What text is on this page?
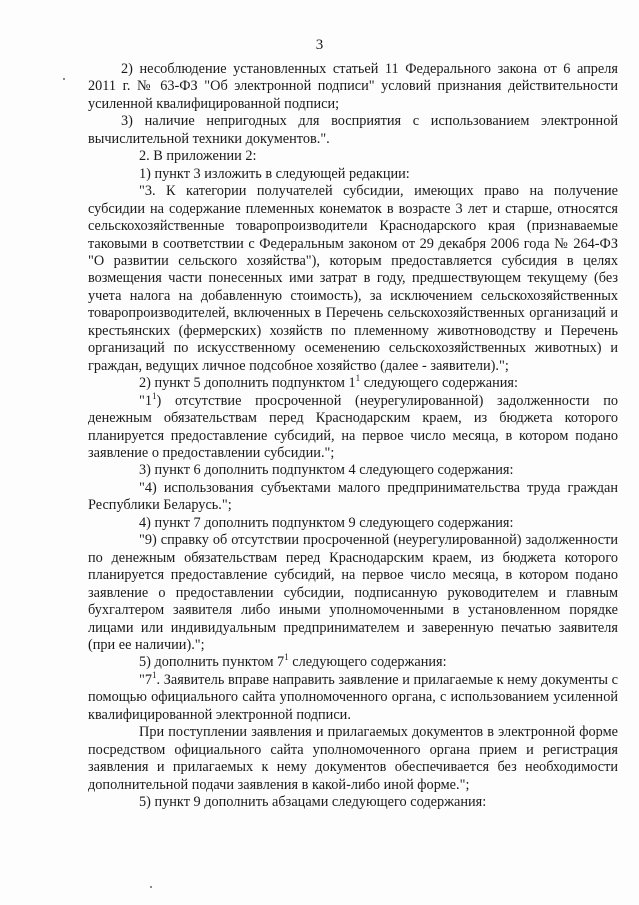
3

2) несоблюдение установленных статьей 11 Федерального закона от 6 апреля 2011 г. № 63-ФЗ "Об электронной подписи" условий признания действительности усиленной квалифицированной подписи;

3) наличие непригодных для восприятия с использованием электронной вычислительной техники документов.".

2. В приложении 2:

1) пункт 3 изложить в следующей редакции:

"3. К категории получателей субсидии, имеющих право на получение субсидии на содержание племенных конематок в возрасте 3 лет и старше, относятся сельскохозяйственные товаропроизводители Краснодарского края (признаваемые таковыми в соответствии с Федеральным законом от 29 декабря 2006 года № 264-ФЗ "О развитии сельского хозяйства"), которым предоставляется субсидия в целях возмещения части понесенных ими затрат в году, предшествующем текущему (без учета налога на добавленную стоимость), за исключением сельскохозяйственных товаропроизводителей, включенных в Перечень сельскохозяйственных организаций и крестьянских (фермерских) хозяйств по племенному животноводству и Перечень организаций по искусственному осеменению сельскохозяйственных животных) и граждан, ведущих личное подсобное хозяйство (далее - заявители).";

2) пункт 5 дополнить подпунктом $1^1$ следующего содержания:

"$1^1$) отсутствие просроченной (неурегулированной) задолженности по денежным обязательствам перед Краснодарским краем, из бюджета которого планируется предоставление субсидий, на первое число месяца, в котором подано заявление о предоставлении субсидии.";

3) пункт 6 дополнить подпунктом 4 следующего содержания:

"4) использования субъектами малого предпринимательства труда граждан Республики Беларусь.";

4) пункт 7 дополнить подпунктом 9 следующего содержания:

"9) справку об отсутствии просроченной (неурегулированной) задолженности по денежным обязательствам перед Краснодарским краем, из бюджета которого планируется предоставление субсидий, на первое число месяца, в котором подано заявление о предоставлении субсидии, подписанную руководителем и главным бухгалтером заявителя либо иными уполномоченными в установленном порядке лицами или индивидуальным предпринимателем и заверенную печатью заявителя (при ее наличии).";

5) дополнить пунктом $7^1$ следующего содержания:

"$7^1$. Заявитель вправе направить заявление и прилагаемые к нему документы с помощью официального сайта уполномоченного органа, с использованием усиленной квалифицированной электронной подписи.

При поступлении заявления и прилагаемых документов в электронной форме посредством официального сайта уполномоченного органа прием и регистрация заявления и прилагаемых к нему документов обеспечивается без необходимости дополнительной подачи заявления в какой-либо иной форме.";

5) пункт 9 дополнить абзацами следующего содержания:
